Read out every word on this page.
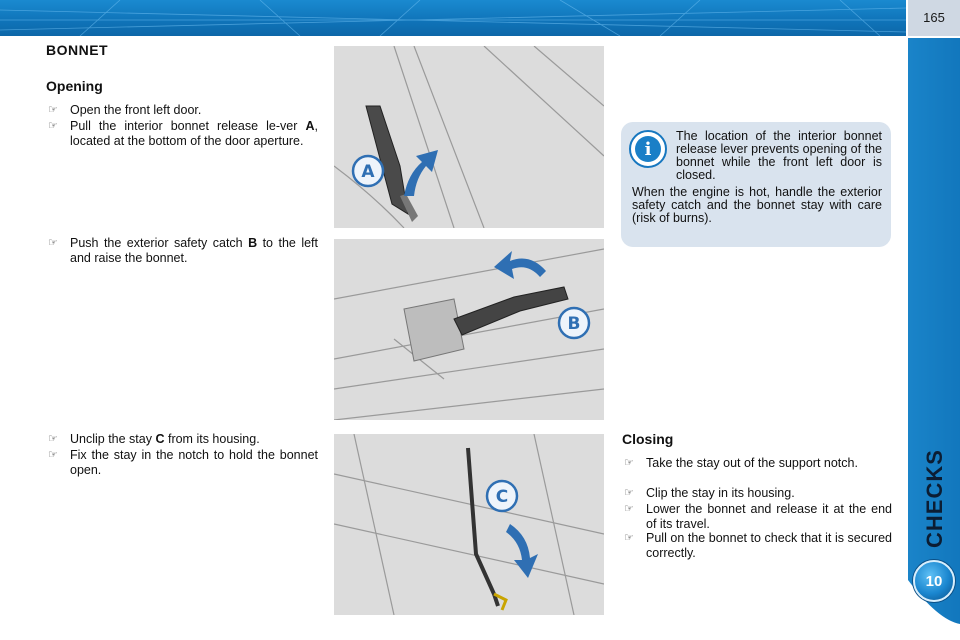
165
CHECKS
10
BONNET
Opening
☞ Open the front left door.
☞ Pull the interior bonnet release le-ver A, located at the bottom of the door aperture.
☞ Push the exterior safety catch B to the left and raise the bonnet.
☞ Unclip the stay C from its housing.
☞ Fix the stay in the notch to hold the bonnet open.
A
B
C
i
The location of the interior bonnet release lever prevents opening of the bonnet while the front left door is closed.
When the engine is hot, handle the exterior safety catch and the bonnet stay with care (risk of burns).
Closing
☞ Take the stay out of the support notch.
☞ Clip the stay in its housing.
☞ Lower the bonnet and release it at the end of its travel.
☞ Pull on the bonnet to check that it is secured correctly.
